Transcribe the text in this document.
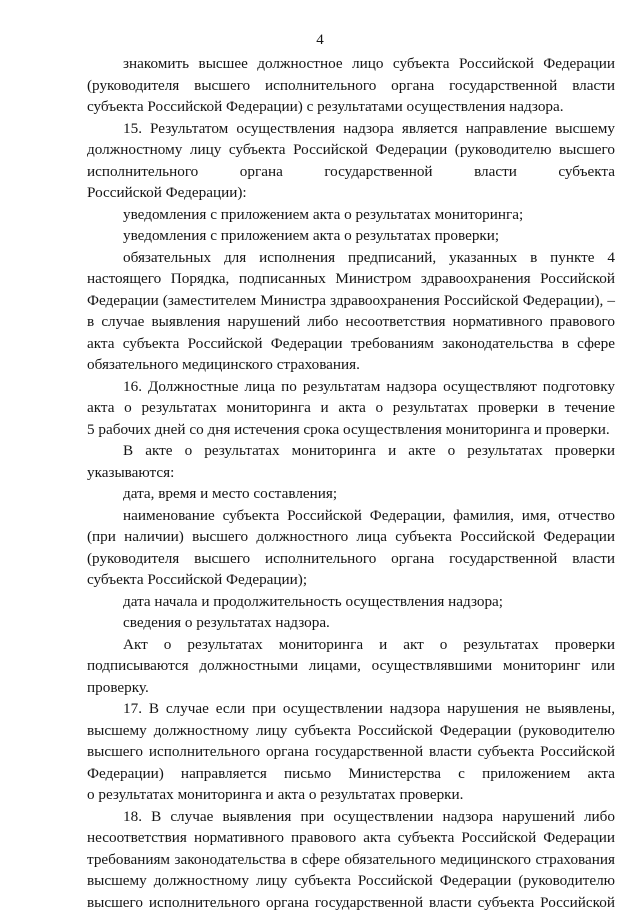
4
знакомить высшее должностное лицо субъекта Российской Федерации
(руководителя высшего исполнительного органа государственной власти
субъекта Российской Федерации) с результатами осуществления надзора.
15. Результатом осуществления надзора является направление высшему
должностному лицу субъекта Российской Федерации (руководителю высшего
исполнительного органа государственной власти субъекта
Российской Федерации):
уведомления с приложением акта о результатах мониторинга;
уведомления с приложением акта о результатах проверки;
обязательных для исполнения предписаний, указанных в пункте 4
настоящего Порядка, подписанных Министром здравоохранения Российской
Федерации (заместителем Министра здравоохранения Российской Федерации), –
в случае выявления нарушений либо несоответствия нормативного правового
акта субъекта Российской Федерации требованиям законодательства в сфере
обязательного медицинского страхования.
16. Должностные лица по результатам надзора осуществляют подготовку
акта о результатах мониторинга и акта о результатах проверки в течение
5 рабочих дней со дня истечения срока осуществления мониторинга и проверки.
В акте о результатах мониторинга и акте о результатах проверки
указываются:
дата, время и место составления;
наименование субъекта Российской Федерации, фамилия, имя, отчество
(при наличии) высшего должностного лица субъекта Российской Федерации
(руководителя высшего исполнительного органа государственной власти
субъекта Российской Федерации);
дата начала и продолжительность осуществления надзора;
сведения о результатах надзора.
Акт о результатах мониторинга и акт о результатах проверки
подписываются должностными лицами, осуществлявшими мониторинг или
проверку.
17. В случае если при осуществлении надзора нарушения не выявлены,
высшему должностному лицу субъекта Российской Федерации (руководителю
высшего исполнительного органа государственной власти субъекта Российской
Федерации) направляется письмо Министерства с приложением акта
о результатах мониторинга и акта о результатах проверки.
18. В случае выявления при осуществлении надзора нарушений либо
несоответствия нормативного правового акта субъекта Российской Федерации
требованиям законодательства в сфере обязательного медицинского страхования
высшему должностному лицу субъекта Российской Федерации (руководителю
высшего исполнительного органа государственной власти субъекта Российской
